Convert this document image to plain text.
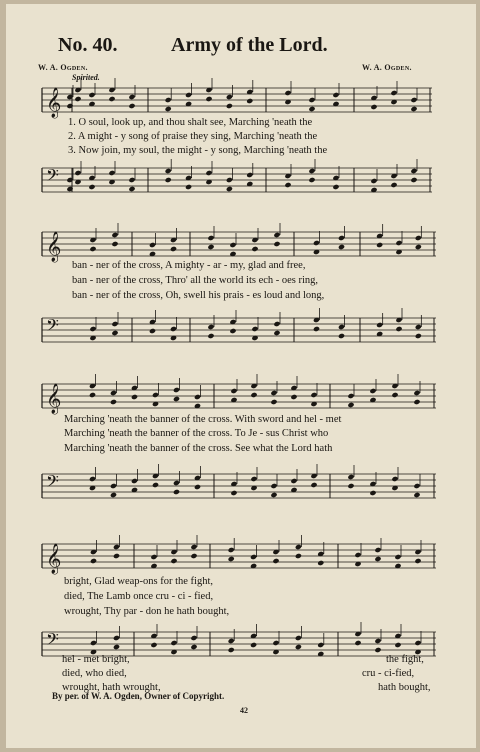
No. 40.	Army of the Lord.
W. A. Ogden.	W. A. Ogden.
Spirited.
𝄞
1. O soul, look up, and thou shalt see, Marching 'neath the
2. A might - y song of praise they sing, Marching 'neath the
3. Now join, my soul, the might - y song, Marching 'neath the
𝄢
𝄞
ban - ner of the cross, A mighty - ar - my, glad and free,
ban - ner of the cross, Thro' all the world its ech - oes ring,
ban - ner of the cross, Oh, swell his prais - es loud and long,
𝄢
𝄞
Marching 'neath the banner of the cross. With sword and hel - met
Marching 'neath the banner of the cross. To Je - sus Christ who
Marching 'neath the banner of the cross. See what the Lord hath
𝄢
𝄞
bright, Glad weap-ons for the fight,
died, The Lamb once cru - ci - fied,
wrought, Thy par - don he hath bought,
𝄢
hel - met bright,	the fight,
died, who died,	cru - ci-fied,
wrought, hath wrought,	hath bought,
By per. of W. A. Ogden, Owner of Copyright.
42
